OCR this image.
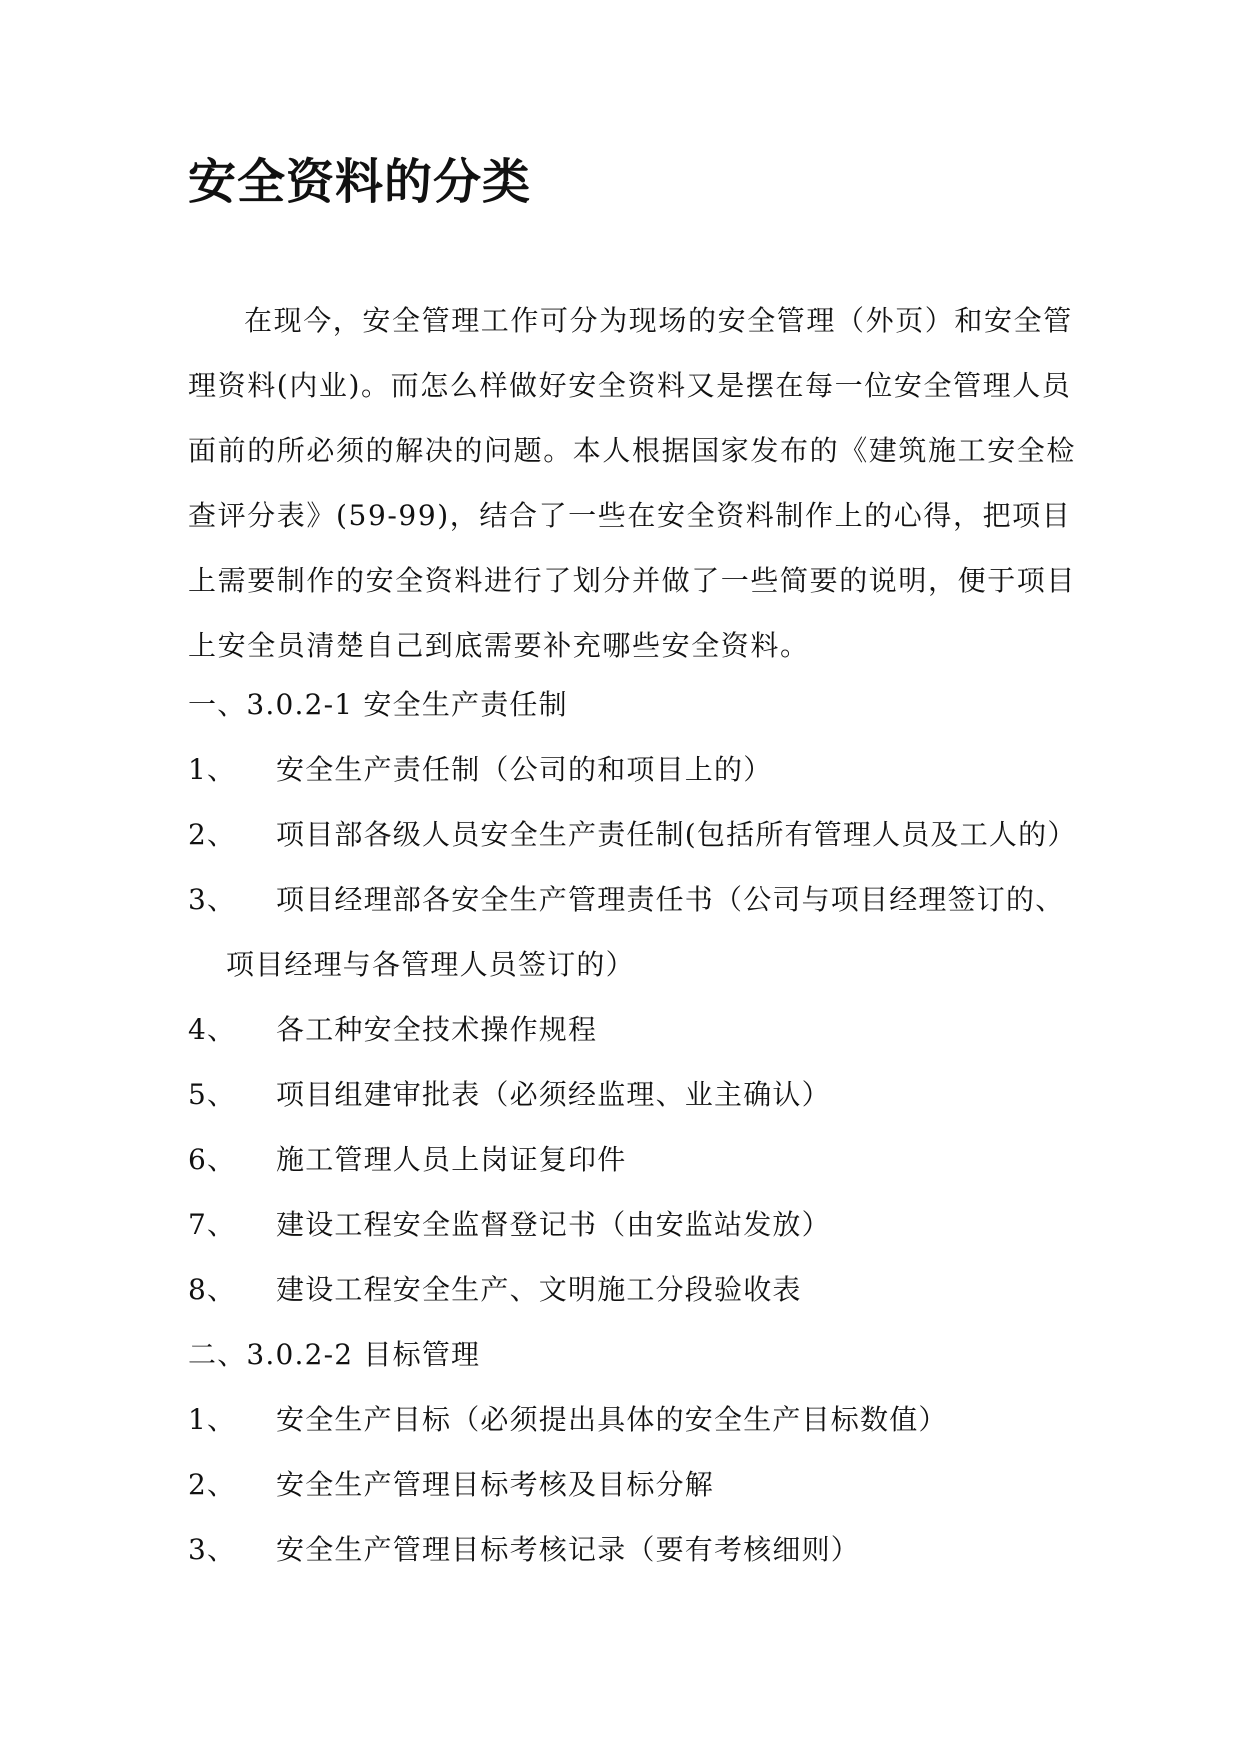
安全资料的分类
在现今，安全管理工作可分为现场的安全管理（外页）和安全管
理资料(内业)。而怎么样做好安全资料又是摆在每一位安全管理人员
面前的所必须的解决的问题。本人根据国家发布的《建筑施工安全检
查评分表》(59-99)，结合了一些在安全资料制作上的心得，把项目
上需要制作的安全资料进行了划分并做了一些简要的说明，便于项目
上安全员清楚自己到底需要补充哪些安全资料。
一、3.0.2-1 安全生产责任制
1、 安全生产责任制（公司的和项目上的）
2、 项目部各级人员安全生产责任制(包括所有管理人员及工人的）
3、 项目经理部各安全生产管理责任书（公司与项目经理签订的、
项目经理与各管理人员签订的）
4、 各工种安全技术操作规程
5、 项目组建审批表（必须经监理、业主确认）
6、 施工管理人员上岗证复印件
7、 建设工程安全监督登记书（由安监站发放）
8、 建设工程安全生产、文明施工分段验收表
二、3.0.2-2 目标管理
1、 安全生产目标（必须提出具体的安全生产目标数值）
2、 安全生产管理目标考核及目标分解
3、 安全生产管理目标考核记录（要有考核细则）
